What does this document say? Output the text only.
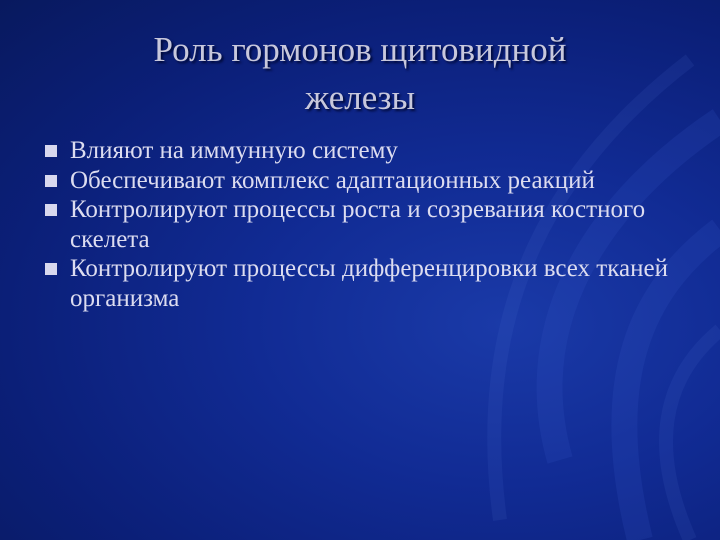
Роль гормонов щитовидной
железы
Влияют на иммунную систему
Обеспечивают комплекс адаптационных реакций
Контролируют процессы роста и созревания костного скелета
Контролируют процессы дифференцировки всех тканей организма
